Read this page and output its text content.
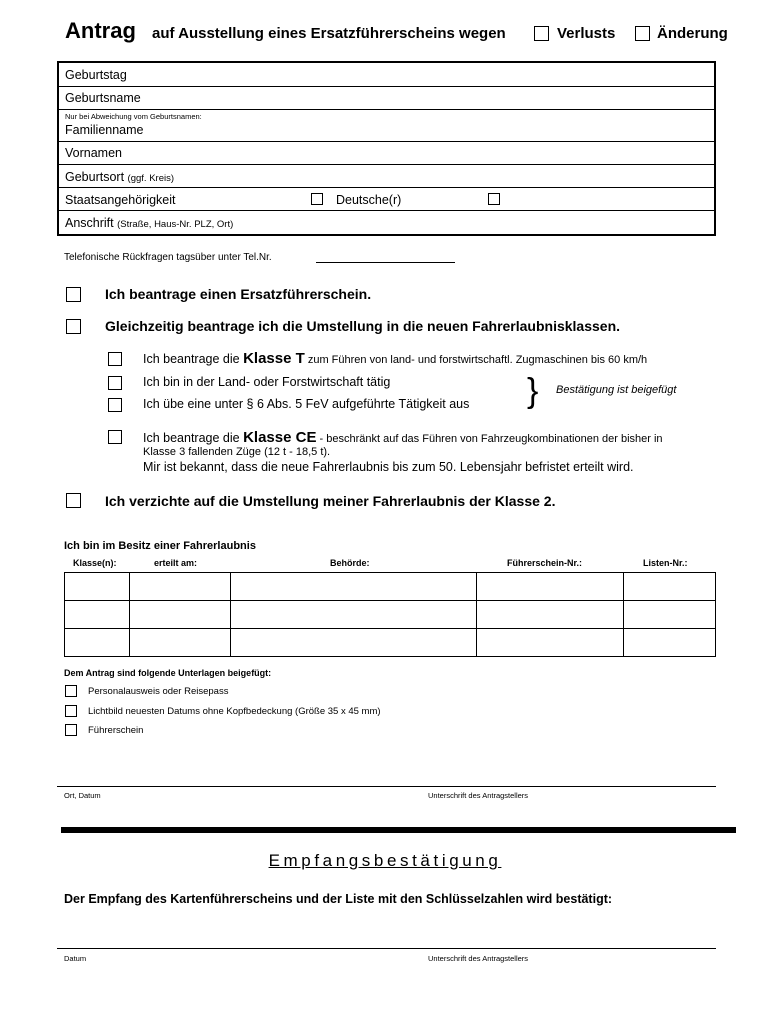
Antrag auf Ausstellung eines Ersatzführerscheins wegen	Verlusts	Änderung
Geburtstag
Geburtsname
Nur bei Abweichung vom Geburtsnamen:
Familienname
Vornamen
Geburtsort (ggf. Kreis)
Staatsangehörigkeit	Deutsche(r)
Anschrift (Straße, Haus-Nr. PLZ, Ort)
Telefonische Rückfragen tagsüber unter Tel.Nr.
Ich beantrage einen Ersatzführerschein.
Gleichzeitig beantrage ich die Umstellung in die neuen Fahrerlaubnisklassen.
Ich beantrage die Klasse T zum Führen von land- und forstwirtschaftl. Zugmaschinen bis 60 km/h
Ich bin in der Land- oder Forstwirtschaft tätig
Ich übe eine unter § 6 Abs. 5 FeV aufgeführte Tätigkeit aus } Bestätigung ist beigefügt
Ich beantrage die Klasse CE - beschränkt auf das Führen von Fahrzeugkombinationen der bisher in
Klasse 3 fallenden Züge (12 t - 18,5 t).
Mir ist bekannt, dass die neue Fahrerlaubnis bis zum 50. Lebensjahr befristet erteilt wird.
Ich verzichte auf die Umstellung meiner Fahrerlaubnis der Klasse 2.
Ich bin im Besitz einer Fahrerlaubnis
Klasse(n):	erteilt am:	Behörde:	Führerschein-Nr.:	Listen-Nr.:

Dem Antrag sind folgende Unterlagen beigefügt:
Personalausweis oder Reisepass
Lichtbild neuesten Datums ohne Kopfbedeckung (Größe 35 x 45 mm)
Führerschein
Ort, Datum	Unterschrift des Antragstellers
Empfangsbestätigung
Der Empfang des Kartenführerscheins und der Liste mit den Schlüsselzahlen wird bestätigt:
Datum	Unterschrift des Antragstellers
